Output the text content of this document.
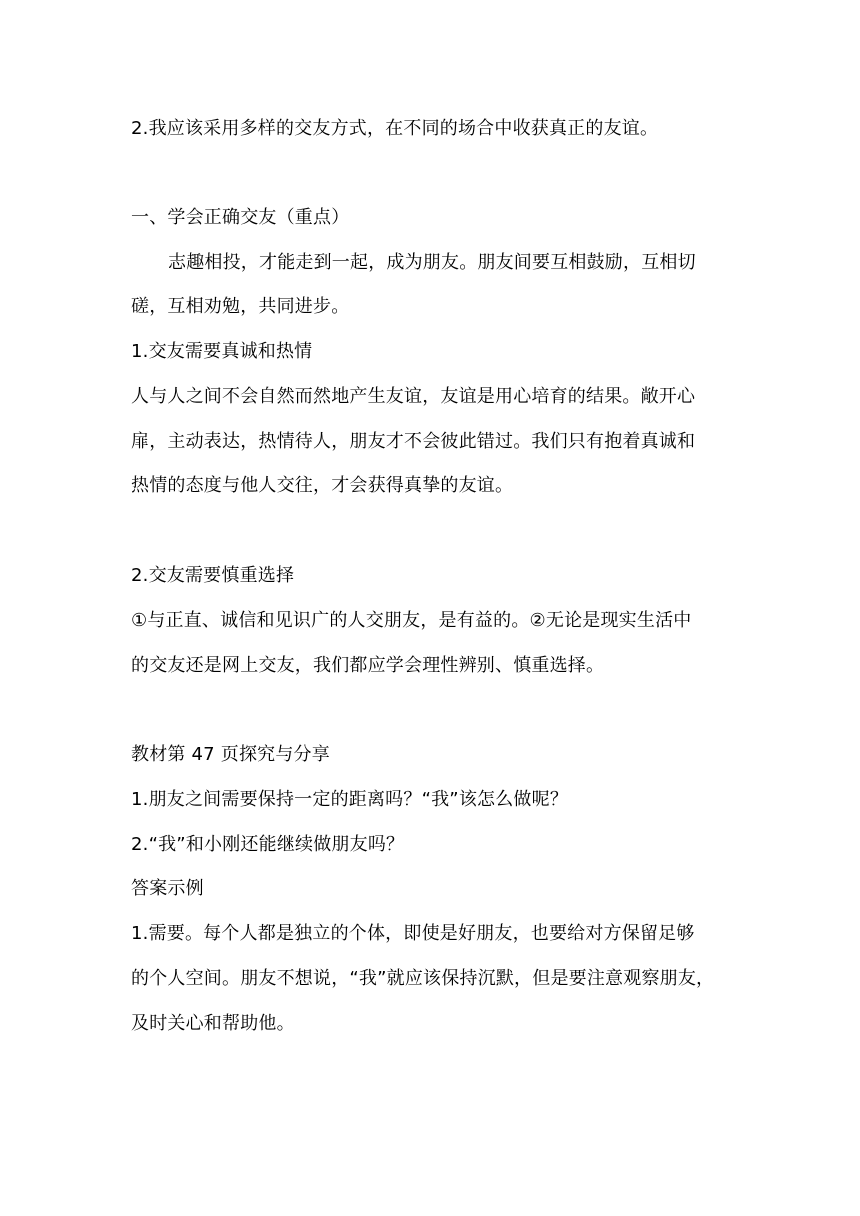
2.我应该采用多样的交友方式，在不同的场合中收获真正的友谊。
一、学会正确交友（重点）
志趣相投，才能走到一起，成为朋友。朋友间要互相鼓励，互相切
磋，互相劝勉，共同进步。
1.交友需要真诚和热情
人与人之间不会自然而然地产生友谊，友谊是用心培育的结果。敞开心
扉，主动表达，热情待人，朋友才不会彼此错过。我们只有抱着真诚和
热情的态度与他人交往，才会获得真挚的友谊。
2.交友需要慎重选择
①与正直、诚信和见识广的人交朋友，是有益的。②无论是现实生活中
的交友还是网上交友，我们都应学会理性辨别、慎重选择。
教材第 47 页探究与分享
1.朋友之间需要保持一定的距离吗？“我”该怎么做呢？
2.“我”和小刚还能继续做朋友吗？
答案示例
1.需要。每个人都是独立的个体，即使是好朋友，也要给对方保留足够
的个人空间。朋友不想说，“我”就应该保持沉默，但是要注意观察朋友，
及时关心和帮助他。
